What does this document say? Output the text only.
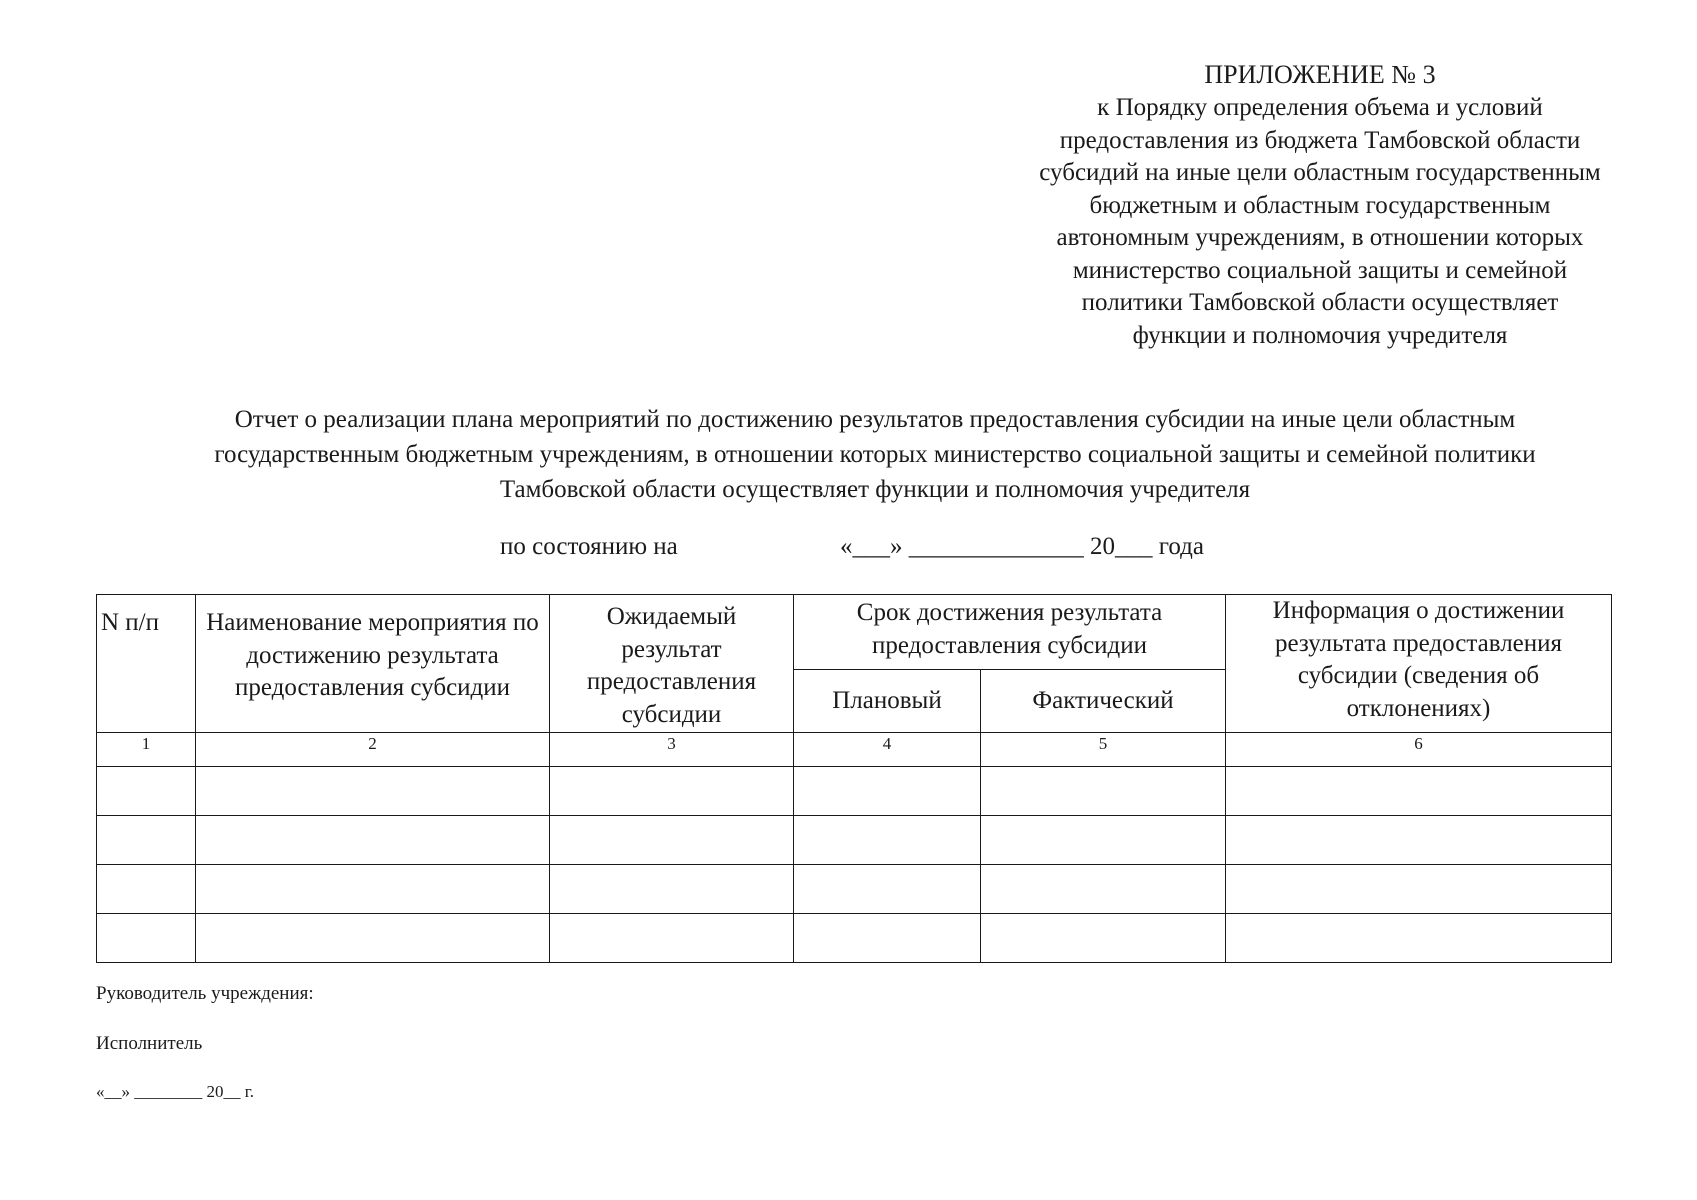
ПРИЛОЖЕНИЕ № 3
к Порядку определения объема и условий
предоставления из бюджета Тамбовской области
субсидий на иные цели областным государственным
бюджетным и областным государственным
автономным учреждениям, в отношении которых
министерство социальной защиты и семейной
политики Тамбовской области осуществляет
функции и полномочия учредителя
Отчет о реализации плана мероприятий по достижению результатов предоставления субсидии на иные цели областным
государственным бюджетным учреждениям, в отношении которых министерство социальной защиты и семейной политики
Тамбовской области осуществляет функции и полномочия учредителя
по состоянию на	«___» ______________ 20___ года
N п/п	Наименование мероприятия по достижению результата предоставления субсидии	Ожидаемый результат предоставления субсидии	Срок достижения результата предоставления субсидии		Информация о достижении результата предоставления субсидии (сведения об отклонениях)
			Плановый	Фактический	
1	2	3	4	5	6

Руководитель учреждения:
Исполнитель
«__» ________ 20__ г.
